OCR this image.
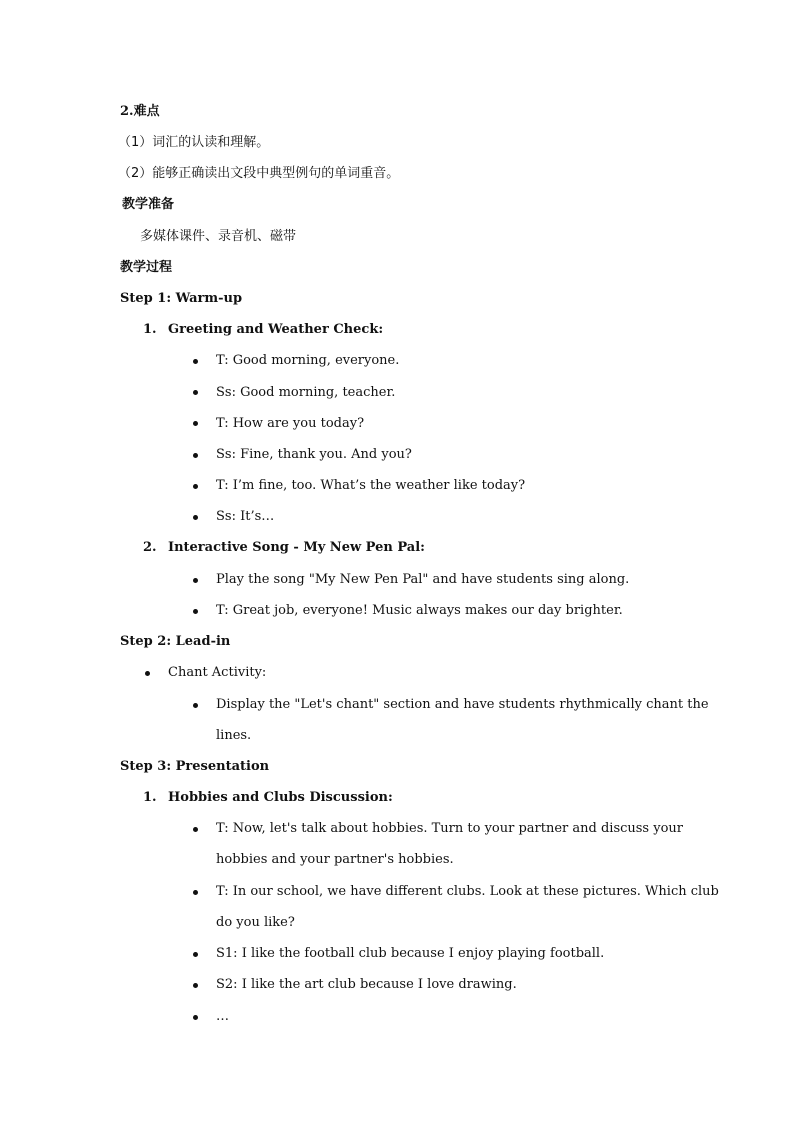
2.难点
（1）词汇的认读和理解。
（2）能够正确读出文段中典型例句的单词重音。
教学准备
多媒体课件、录音机、磁带
教学过程
Step 1: Warm-up
1. Greeting and Weather Check:
T: Good morning, everyone.
Ss: Good morning, teacher.
T: How are you today?
Ss: Fine, thank you. And you?
T: I’m fine, too. What’s the weather like today?
Ss: It’s…
2. Interactive Song - My New Pen Pal:
Play the song "My New Pen Pal" and have students sing along.
T: Great job, everyone! Music always makes our day brighter.
Step 2: Lead-in
Chant Activity:
Display the "Let's chant" section and have students rhythmically chant the
lines.
Step 3: Presentation
1. Hobbies and Clubs Discussion:
T: Now, let's talk about hobbies. Turn to your partner and discuss your
hobbies and your partner's hobbies.
T: In our school, we have different clubs. Look at these pictures. Which club
do you like?
S1: I like the football club because I enjoy playing football.
S2: I like the art club because I love drawing.
…
